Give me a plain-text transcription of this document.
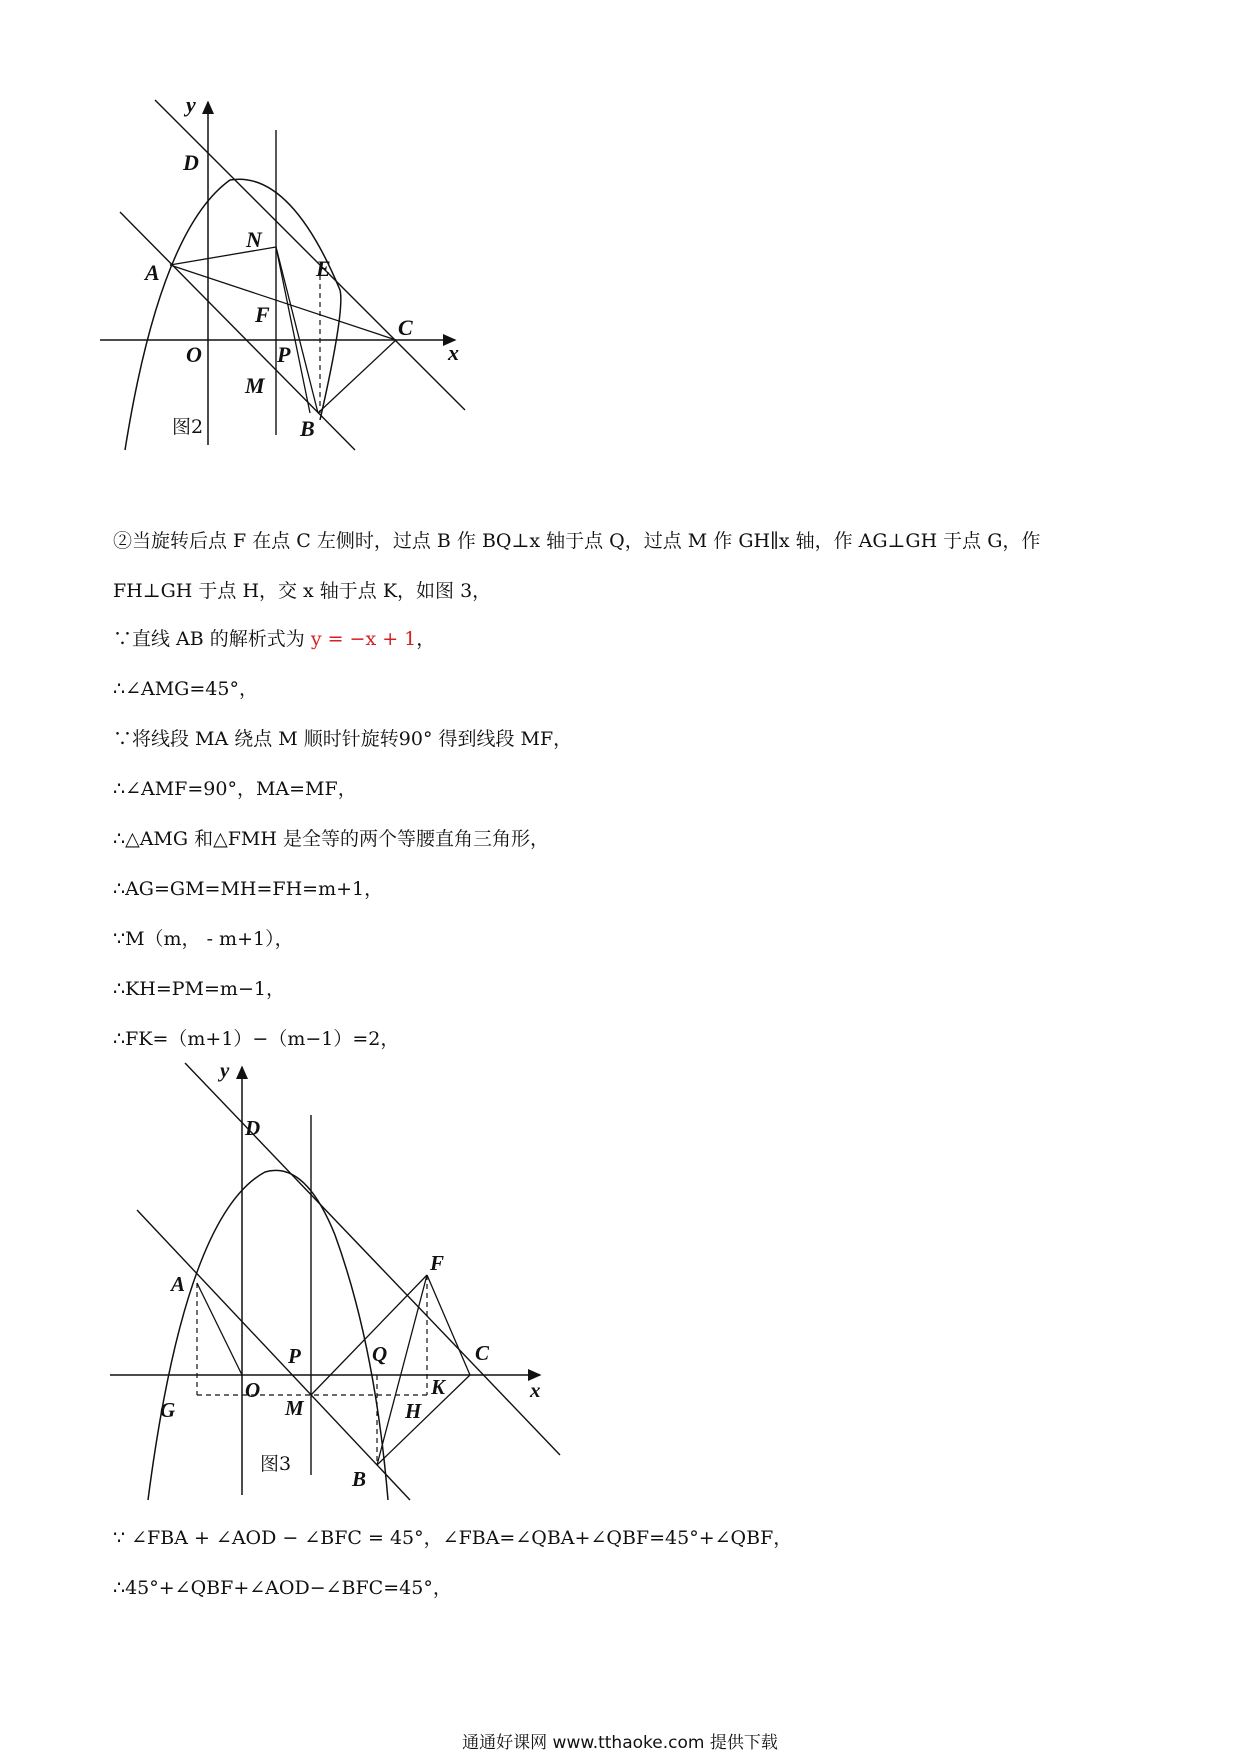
y
x
D
N
A	E
F
C
O	P
M
B
图2
②当旋转后点 F 在点 C 左侧时，过点 B 作 BQ⊥x 轴于点 Q，过点 M 作 GH∥x 轴，作 AG⊥GH 于点 G，作
FH⊥GH 于点 H，交 x 轴于点 K，如图 3，
∵直线 AB 的解析式为 y = −x + 1，
∴∠AMG=45°，
∵将线段 MA 绕点 M 顺时针旋转90° 得到线段 MF，
∴∠AMF=90°，MA=MF，
∴△AMG 和△FMH 是全等的两个等腰直角三角形，
∴AG=GM=MH=FH=m+1，
∵M（m， - m+1），
∴KH=PM=m−1，
∴FK=（m+1）−（m−1）=2，
y
x
D
A
F
P	Q	C
O	K
G	M	H
B
图3
∵ ∠FBA + ∠AOD − ∠BFC = 45°，∠FBA=∠QBA+∠QBF=45°+∠QBF，
∴45°+∠QBF+∠AOD−∠BFC=45°，
通通好课网 www.tthaoke.com 提供下载
